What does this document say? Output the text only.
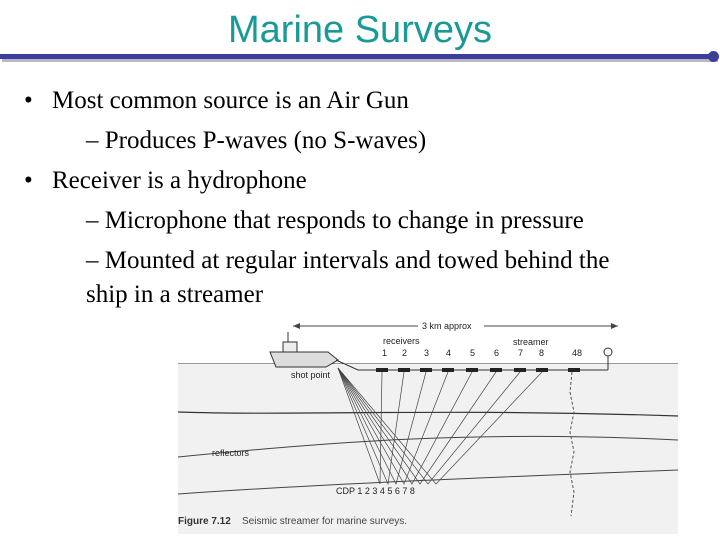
Marine Surveys
• Most common source is an Air Gun
– Produces P-waves (no S-waves)
• Receiver is a hydrophone
– Microphone that responds to change in pressure
– Mounted at regular intervals and towed behind the
ship in a streamer
3 km approx
receivers	streamer
shot point
1 2 3 4 5 6 7 8	48
reflectors
CDP 1 2 3 4 5 6 7 8
Figure 7.12 Seismic streamer for marine surveys.
